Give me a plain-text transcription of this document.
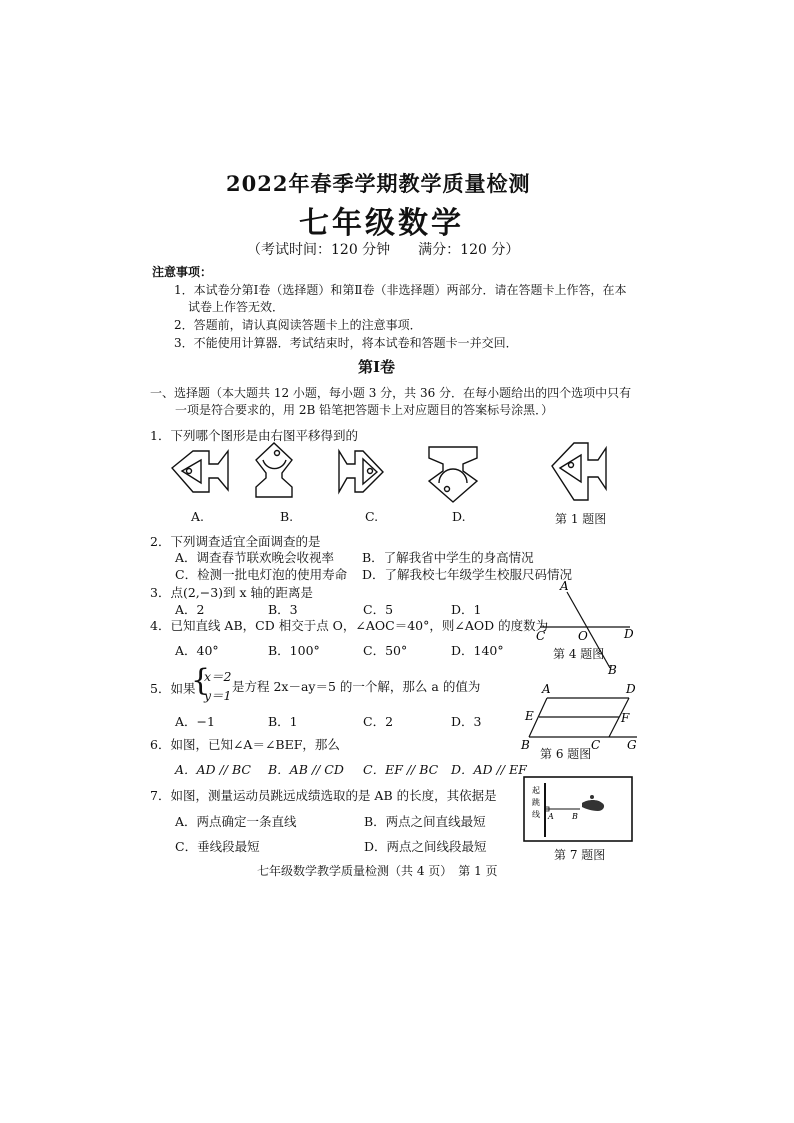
2022年春季学期教学质量检测
七年级数学
（考试时间：120 分钟　　满分：120 分）
注意事项：
1．本试卷分第Ⅰ卷（选择题）和第Ⅱ卷（非选择题）两部分．请在答题卡上作答，在本
试卷上作答无效．
2．答题前，请认真阅读答题卡上的注意事项．
3．不能使用计算器．考试结束时，将本试卷和答题卡一并交回．
第Ⅰ卷
一、选择题（本大题共 12 小题，每小题 3 分，共 36 分．在每小题给出的四个选项中只有
一项是符合要求的，用 2B 铅笔把答题卡上对应题目的答案标号涂黑．）
1．下列哪个图形是由右图平移得到的
A.	B.	C.	D.	第 1 题图
2．下列调查适宜全面调查的是
A．调查春节联欢晚会收视率 B．了解我省中学生的身高情况
C．检测一批电灯泡的使用寿命 D．了解我校七年级学生校服尺码情况
3．点(2,−3)到 x 轴的距离是
A．2	B．3	C．5	D．1
A
C	O	D
B
4．已知直线 AB，CD 相交于点 O，∠AOC＝40°，则∠AOD 的度数为
A．40°	B．100°	C．50°	D．140°	第 4 题图
5．如果
{
x＝2
y＝1
是方程 2x－ay＝5 的一个解，那么 a 的值为
A．−1	B．1	C．2	D．3
A	D
E	F
B	C G
6．如图，已知∠A＝∠BEF，那么
第 6 题图
A．AD // BC B．AB // CD C．EF // BC D．AD // EF
起
跳
线 A B
7．如图，测量运动员跳远成绩选取的是 AB 的长度，其依据是
A．两点确定一条直线	B．两点之间直线最短
C．垂线段最短	D．两点之间线段最短
第 7 题图
七年级数学教学质量检测（共 4 页）　第 1 页
